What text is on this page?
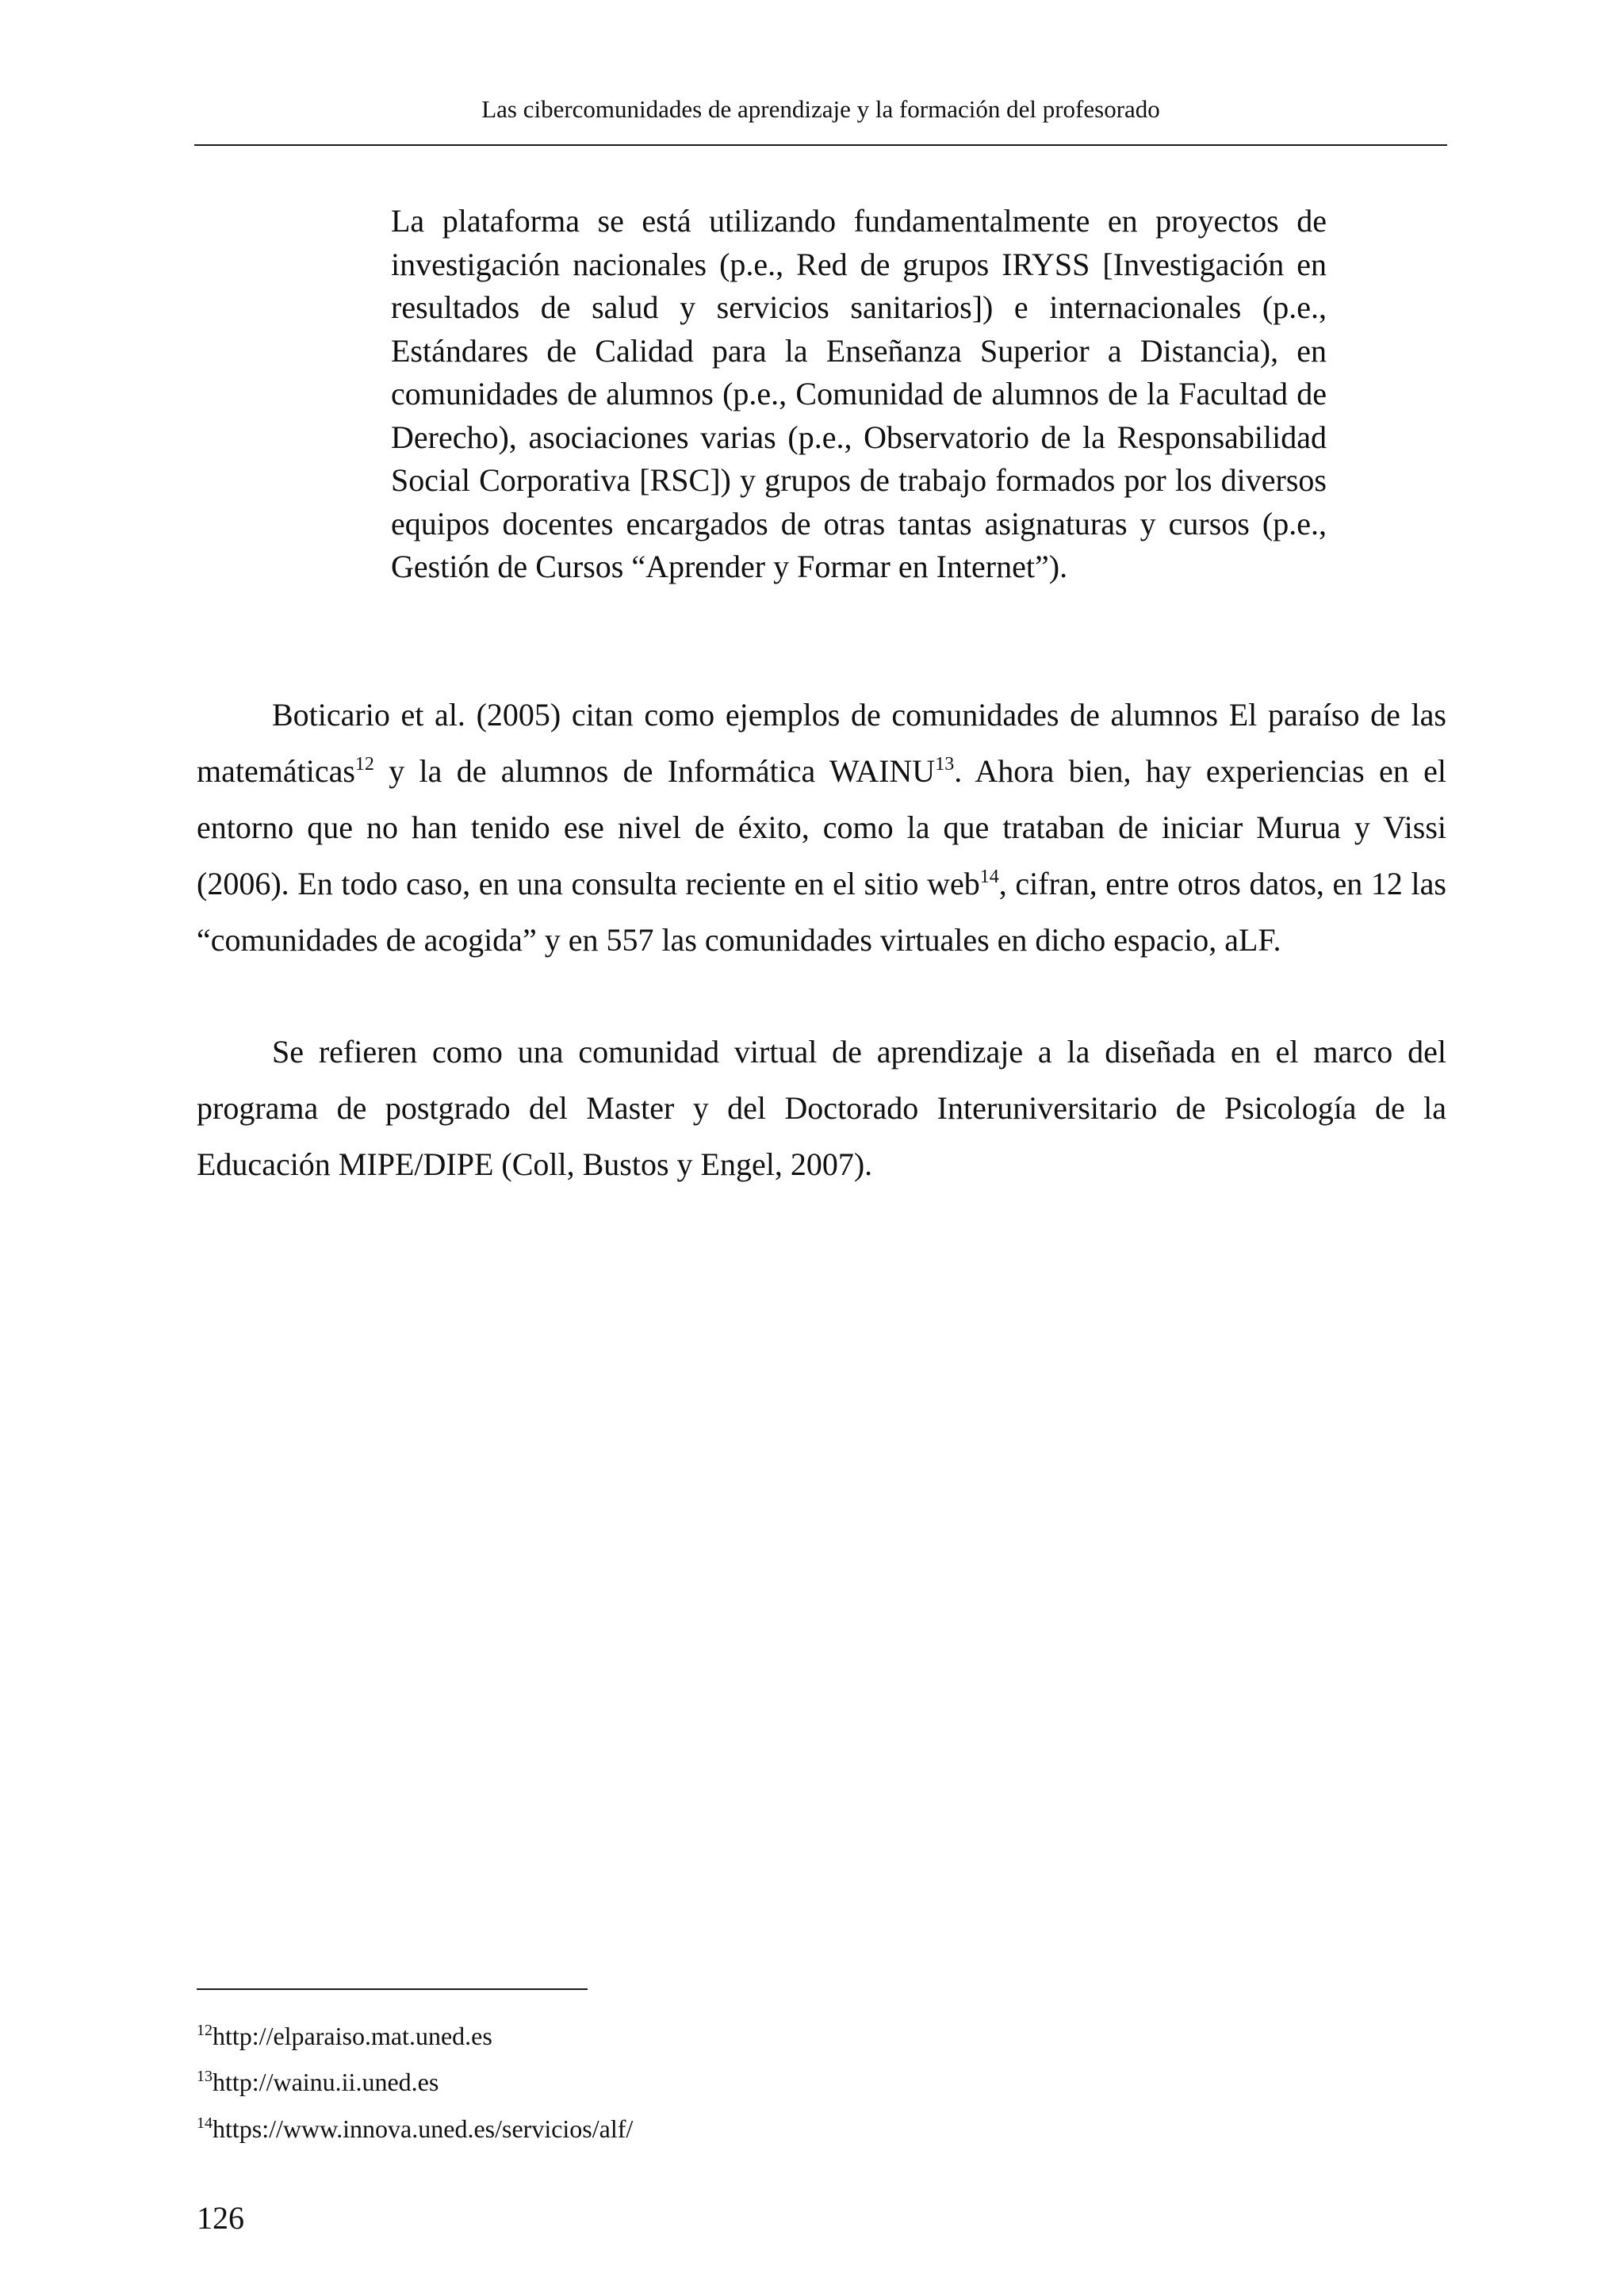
Las cibercomunidades de aprendizaje y la formación del profesorado

La plataforma se está utilizando fundamentalmente en proyectos de investigación nacionales (p.e., Red de grupos IRYSS [Investigación en resultados de salud y servicios sanitarios]) e internacionales (p.e., Estándares de Calidad para la Enseñanza Superior a Distancia), en comunidades de alumnos (p.e., Comunidad de alumnos de la Facultad de Derecho), asociaciones varias (p.e., Observatorio de la Responsabilidad Social Corporativa [RSC]) y grupos de trabajo formados por los diversos equipos docentes encargados de otras tantas asignaturas y cursos (p.e., Gestión de Cursos “Aprender y Formar en Internet”).

Boticario et al. (2005) citan como ejemplos de comunidades de alumnos El paraíso de las matemáticas$^{12}$ y la de alumnos de Informática WAINU$^{13}$. Ahora bien, hay experiencias en el entorno que no han tenido ese nivel de éxito, como la que trataban de iniciar Murua y Vissi (2006). En todo caso, en una consulta reciente en el sitio web$^{14}$, cifran, entre otros datos, en 12 las “comunidades de acogida” y en 557 las comunidades virtuales en dicho espacio, aLF.

Se refieren como una comunidad virtual de aprendizaje a la diseñada en el marco del programa de postgrado del Master y del Doctorado Interuniversitario de Psicología de la Educación MIPE/DIPE (Coll, Bustos y Engel, 2007).

$^{12}$http://elparaiso.mat.uned.es
$^{13}$http://wainu.ii.uned.es
$^{14}$https://www.innova.uned.es/servicios/alf/
126
